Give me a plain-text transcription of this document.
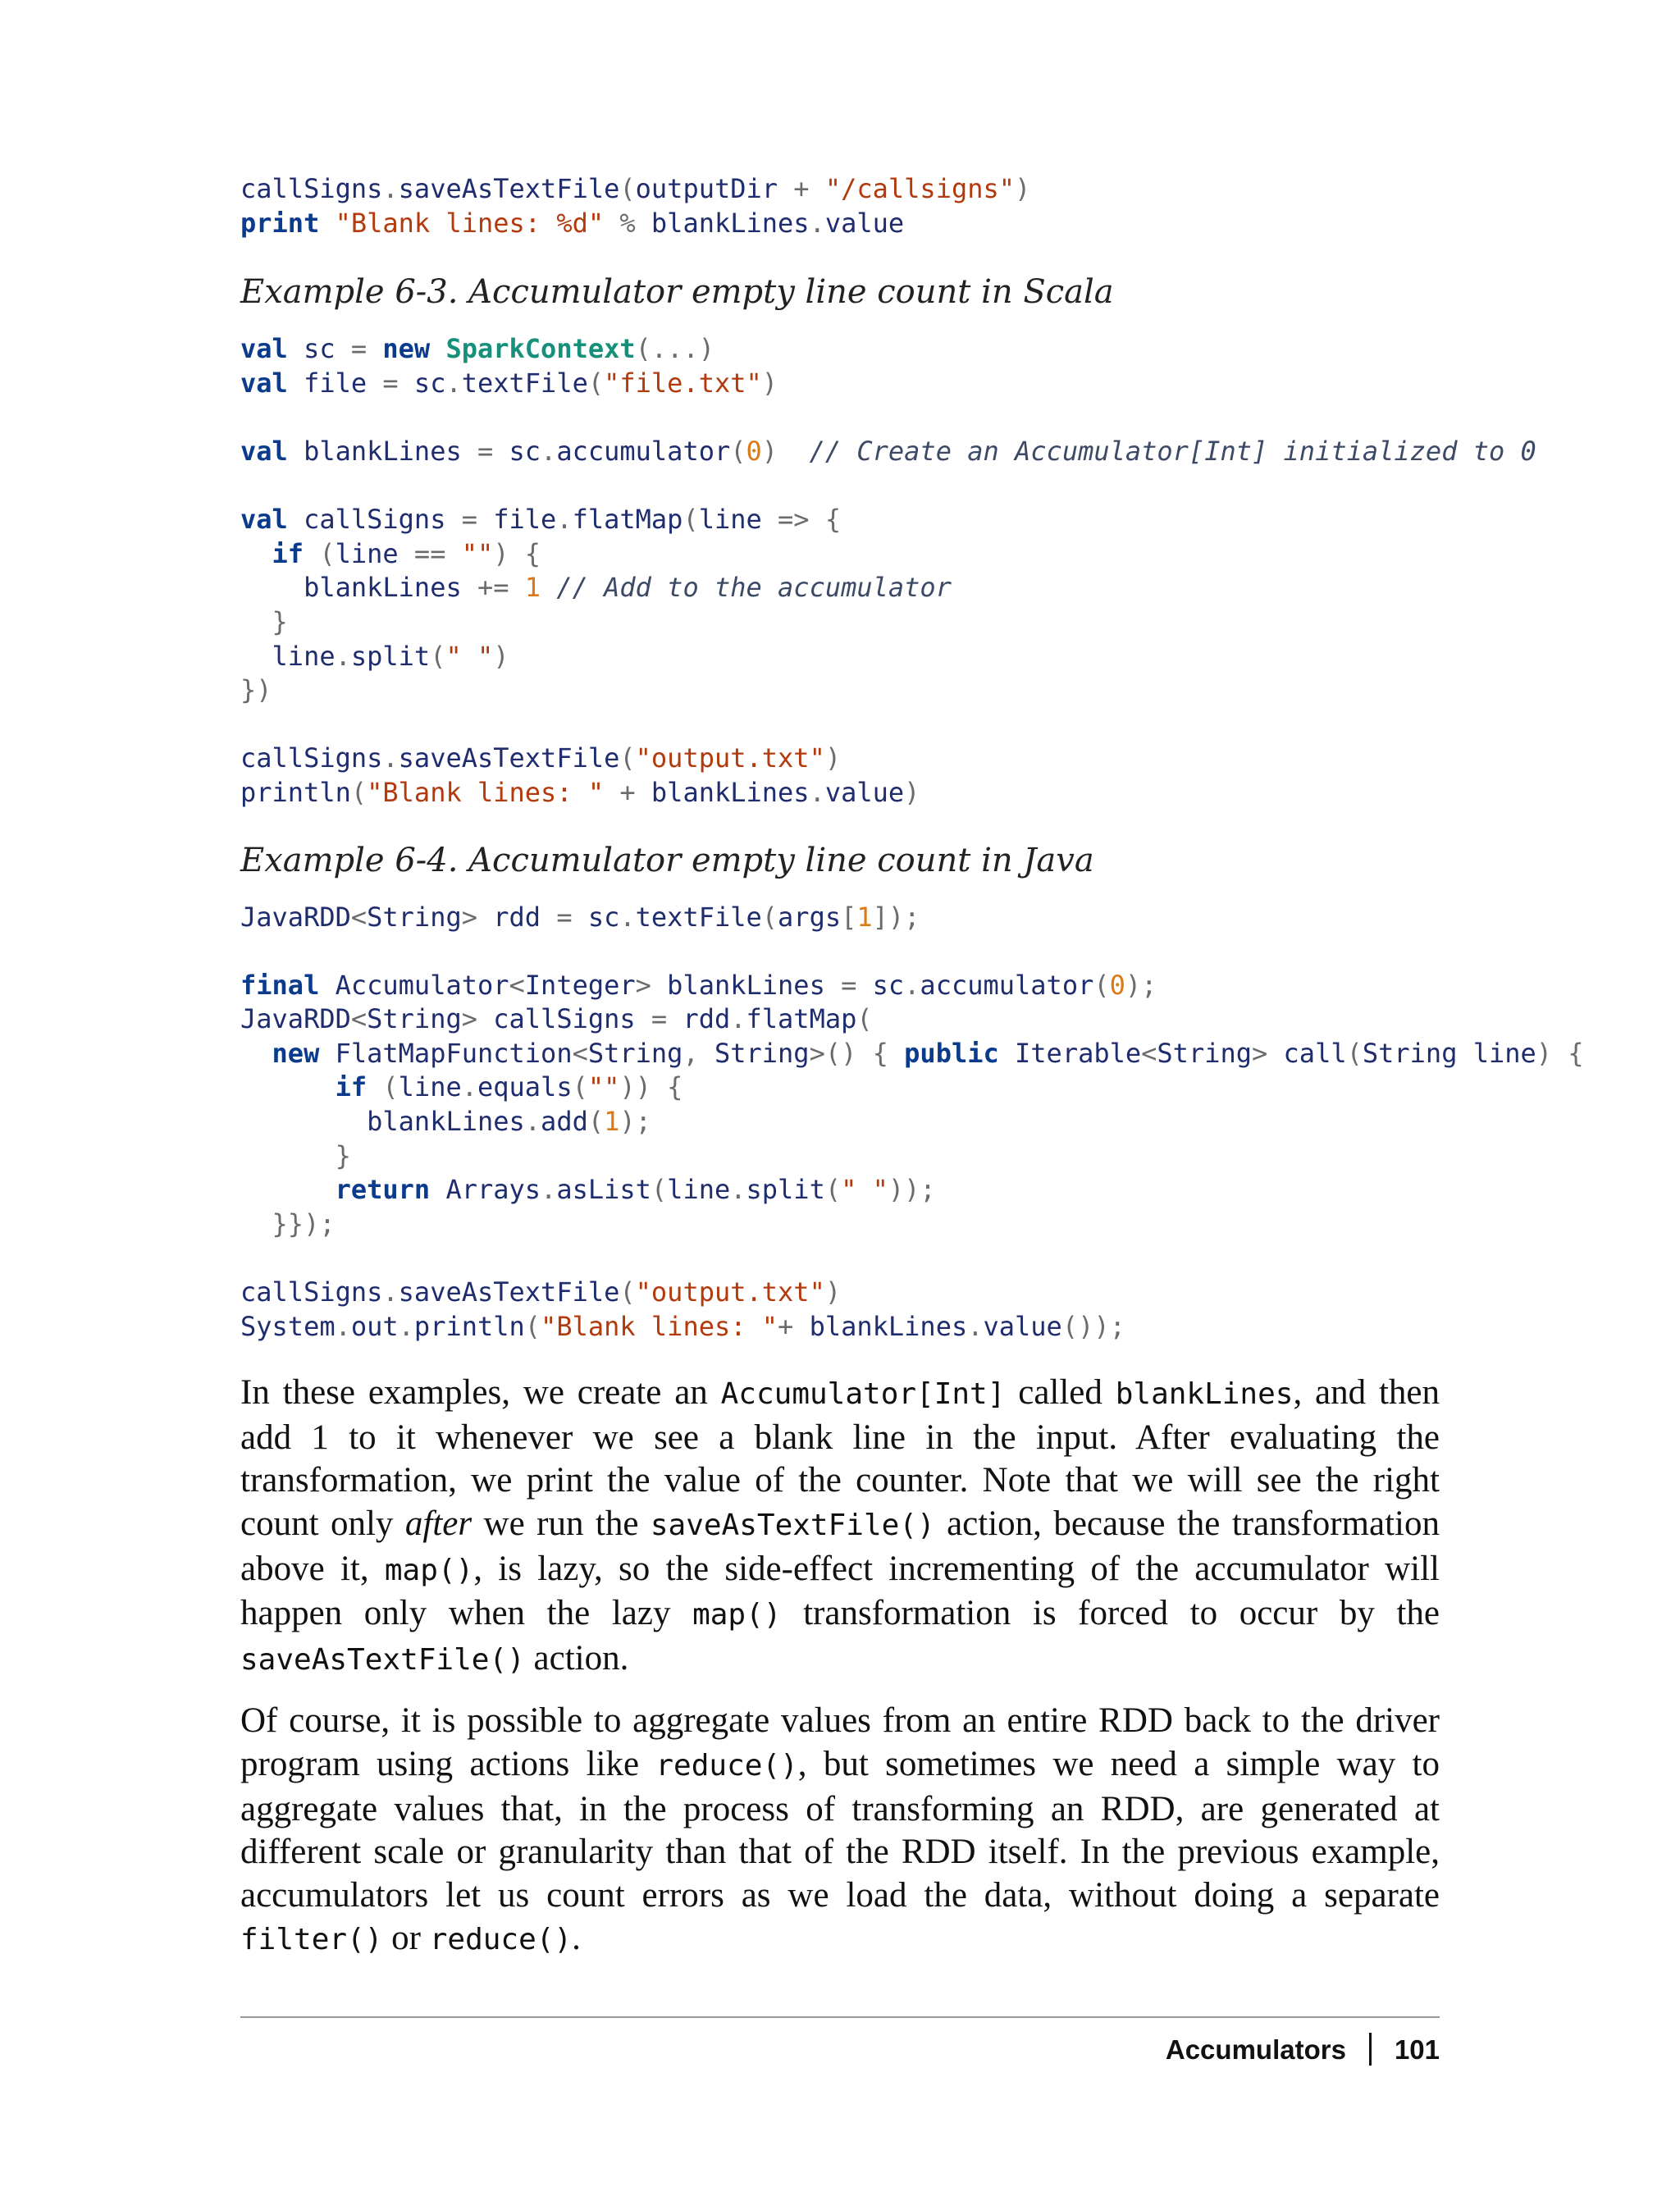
callSigns.saveAsTextFile(outputDir + "/callsigns")
print "Blank lines: %d" % blankLines.value

Example 6-3. Accumulator empty line count in Scala

val sc = new SparkContext(...)
val file = sc.textFile("file.txt")

val blankLines = sc.accumulator(0) // Create an Accumulator[Int] initialized to 0

val callSigns = file.flatMap(line => {
if (line == "") {
blankLines += 1 // Add to the accumulator
}
line.split(" ")
})

callSigns.saveAsTextFile("output.txt")
println("Blank lines: " + blankLines.value)

Example 6-4. Accumulator empty line count in Java

JavaRDD<String> rdd = sc.textFile(args[1]);

final Accumulator<Integer> blankLines = sc.accumulator(0);
JavaRDD<String> callSigns = rdd.flatMap(
new FlatMapFunction<String, String>() { public Iterable<String> call(String line) {
if (line.equals("")) {
blankLines.add(1);
}
return Arrays.asList(line.split(" "));
}});

callSigns.saveAsTextFile("output.txt")
System.out.println("Blank lines: "+ blankLines.value());

In these examples, we create an Accumulator[Int] called blankLines, and then add 1 to it whenever we see a blank line in the input. After evaluating the transformation, we print the value of the counter. Note that we will see the right count only after we run the saveAsTextFile() action, because the transformation above it, map(), is lazy, so the side-effect incrementing of the accumulator will happen only when the lazy map() transformation is forced to occur by the saveAsTextFile() action.

Of course, it is possible to aggregate values from an entire RDD back to the driver program using actions like reduce(), but sometimes we need a simple way to aggregate values that, in the process of transforming an RDD, are generated at different scale or granularity than that of the RDD itself. In the previous example, accumulators let us count errors as we load the data, without doing a separate filter() or reduce().

Accumulators 101
